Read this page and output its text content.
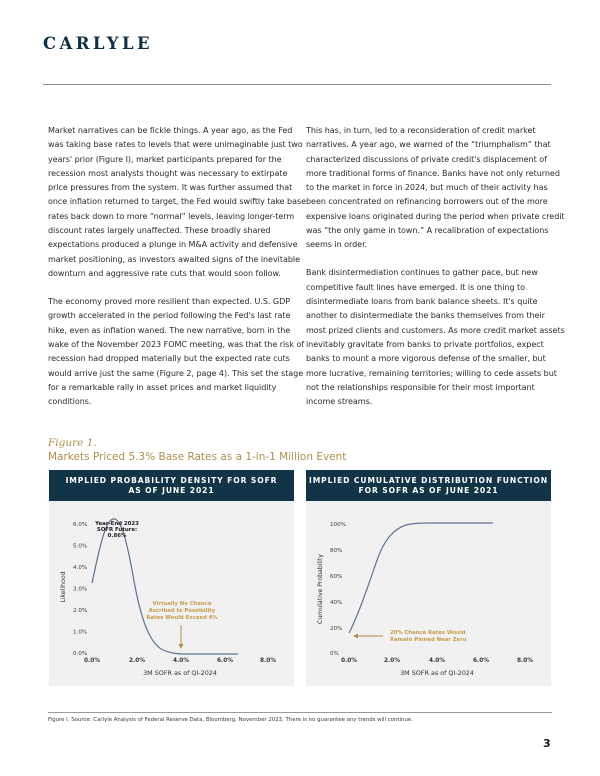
CARLYLE

Market narratives can be fickle things. A year ago, as the Fed was taking base rates to levels that were unimaginable just two years' prior (Figure I), market participants prepared for the recession most analysts thought was necessary to extirpate price pressures from the system. It was further assumed that once inflation returned to target, the Fed would swiftly take base rates back down to more “normal” levels, leaving longer-term discount rates largely unaffected. These broadly shared expectations produced a plunge in M&A activity and defensive market positioning, as investors awaited signs of the inevitable downturn and aggressive rate cuts that would soon follow.

The economy proved more resilient than expected. U.S. GDP growth accelerated in the period following the Fed's last rate hike, even as inflation waned. The new narrative, born in the wake of the November 2023 FOMC meeting, was that the risk of recession had dropped materially but the expected rate cuts would arrive just the same (Figure 2, page 4). This set the stage for a remarkable rally in asset prices and market liquidity conditions.

This has, in turn, led to a reconsideration of credit market narratives. A year ago, we warned of the “triumphalism” that characterized discussions of private credit's displacement of more traditional forms of finance. Banks have not only returned to the market in force in 2024, but much of their activity has been concentrated on refinancing borrowers out of the more expensive loans originated during the period when private credit was “the only game in town.” A recalibration of expectations seems in order.

Bank disintermediation continues to gather pace, but new competitive fault lines have emerged. It is one thing to disintermediate loans from bank balance sheets. It's quite another to disintermediate the banks themselves from their most prized clients and customers. As more credit market assets inevitably gravitate from banks to private portfolios, expect banks to mount a more vigorous defense of the smaller, but more lucrative, remaining territories; willing to cede assets but not the relationships responsible for their most important income streams.

Figure 1.
Markets Priced 5.3% Base Rates as a 1-in-1 Million Event
IMPLIED PROBABILITY DENSITY FOR SOFR
AS OF JUNE 2021
6.0%
5.0%
4.0%
3.0%
2.0%
1.0%
0.0%
0.0%	2.0%	4.0%	6.0%	8.0%
Likelihood
3M SOFR as of QI-2024
Year-End 2023
SOFR Future:
0.86%
Virtually No Chance
Ascribed to Possibility
Rates Would Exceed 4%
IMPLIED CUMULATIVE DISTRIBUTION FUNCTION
FOR SOFR AS OF JUNE 2021
100%
80%
60%
40%
20%
0%
0.0%	2.0%	4.0%	6.0%	8.0%
Cumulative Probability
3M SOFR as of QI-2024
20% Chance Rates Would
Remain Pinned Near Zero
Figure I. Source: Carlyle Analysis of Federal Reserve Data, Bloomberg, November 2023. There is no guarantee any trends will continue.
3
